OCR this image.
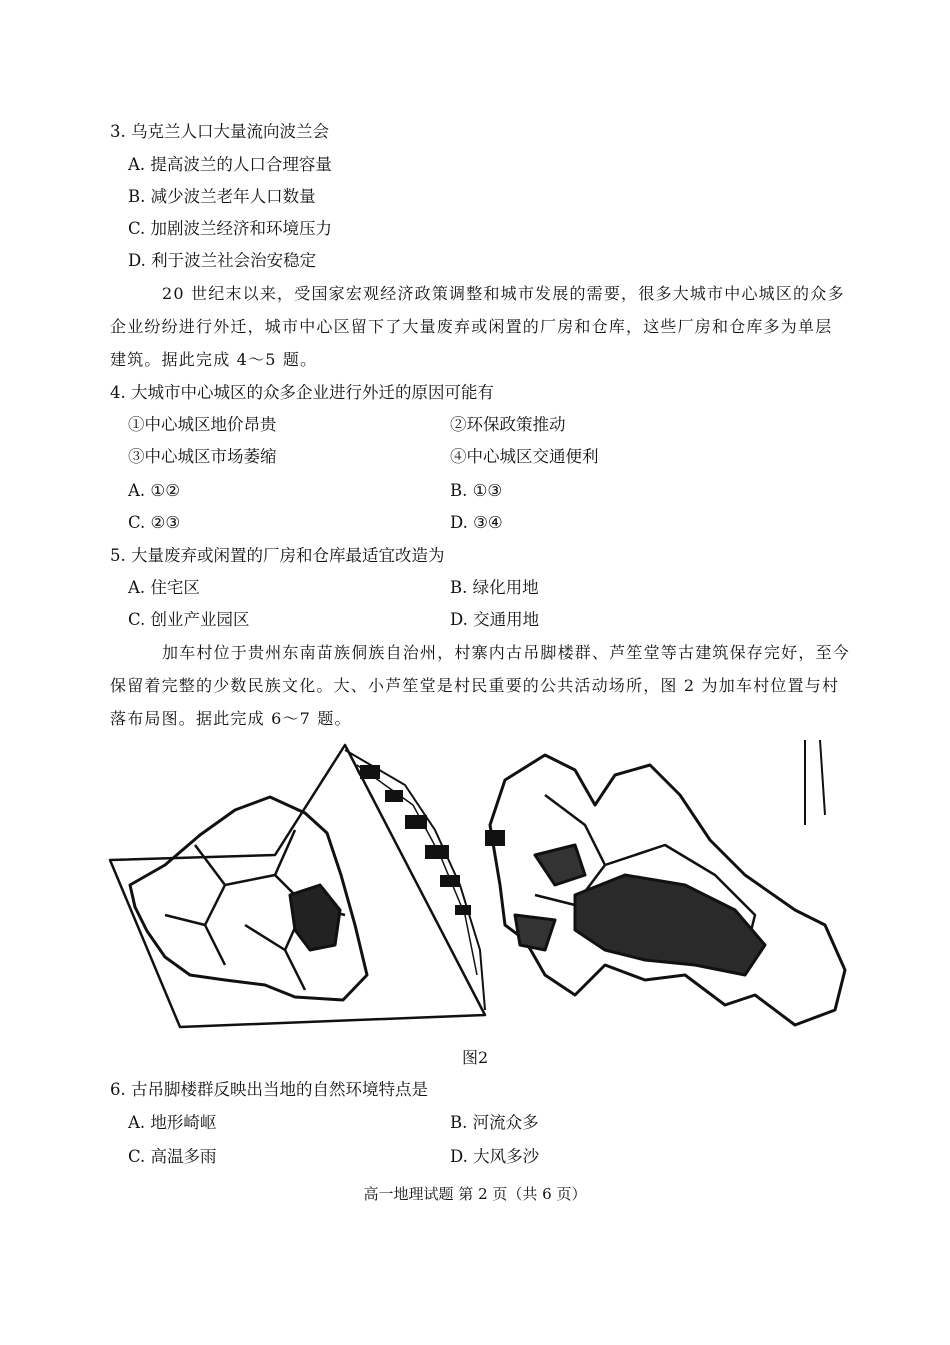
3. 乌克兰人口大量流向波兰会
A. 提高波兰的人口合理容量
B. 减少波兰老年人口数量
C. 加剧波兰经济和环境压力
D. 利于波兰社会治安稳定
20 世纪末以来，受国家宏观经济政策调整和城市发展的需要，很多大城市中心城区的众多
企业纷纷进行外迁，城市中心区留下了大量废弃或闲置的厂房和仓库，这些厂房和仓库多为单层
建筑。据此完成 4～5 题。
4. 大城市中心城区的众多企业进行外迁的原因可能有
①中心城区地价昂贵	②环保政策推动
③中心城区市场萎缩	④中心城区交通便利
A. ①②	B. ①③
C. ②③	D. ③④
5. 大量废弃或闲置的厂房和仓库最适宜改造为
A. 住宅区	B. 绿化用地
C. 创业产业园区	D. 交通用地
加车村位于贵州东南苗族侗族自治州，村寨内古吊脚楼群、芦笙堂等古建筑保存完好，至今
保留着完整的少数民族文化。大、小芦笙堂是村民重要的公共活动场所，图 2 为加车村位置与村
落布局图。据此完成 6～7 题。
图2
6. 古吊脚楼群反映出当地的自然环境特点是
A. 地形崎岖	B. 河流众多
C. 高温多雨	D. 大风多沙
高一地理试题 第 2 页（共 6 页）
